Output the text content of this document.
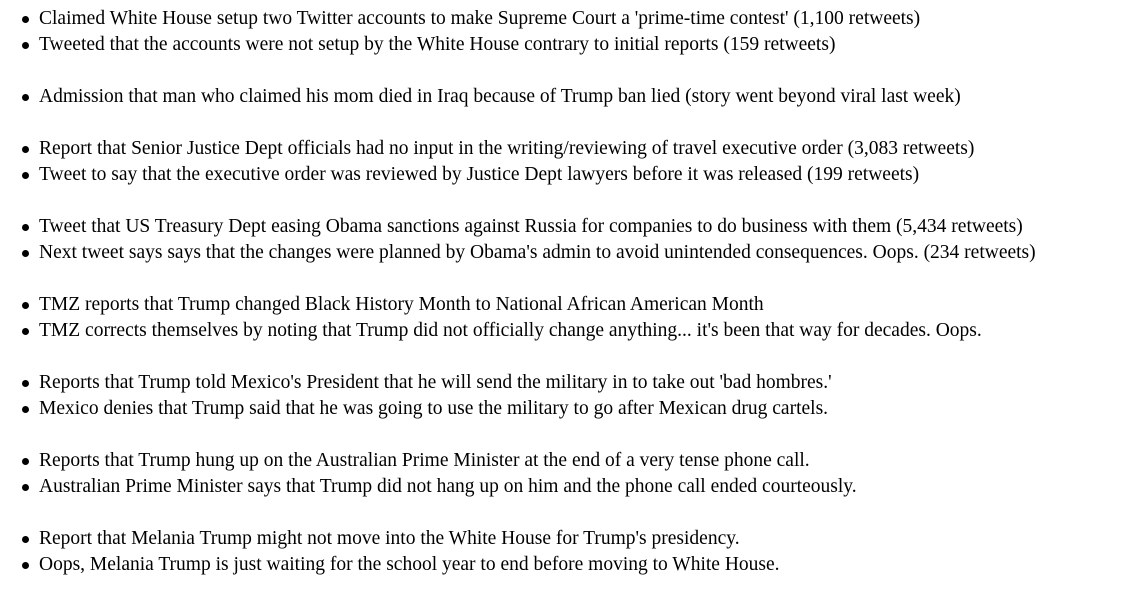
Claimed White House setup two Twitter accounts to make Supreme Court a 'prime-time contest' (1,100 retweets)
Tweeted that the accounts were not setup by the White House contrary to initial reports (159 retweets)
Admission that man who claimed his mom died in Iraq because of Trump ban lied (story went beyond viral last week)
Report that Senior Justice Dept officials had no input in the writing/reviewing of travel executive order (3,083 retweets)
Tweet to say that the executive order was reviewed by Justice Dept lawyers before it was released (199 retweets)
Tweet that US Treasury Dept easing Obama sanctions against Russia for companies to do business with them (5,434 retweets)
Next tweet says says that the changes were planned by Obama's admin to avoid unintended consequences. Oops. (234 retweets)
TMZ reports that Trump changed Black History Month to National African American Month
TMZ corrects themselves by noting that Trump did not officially change anything... it's been that way for decades. Oops.
Reports that Trump told Mexico's President that he will send the military in to take out 'bad hombres.'
Mexico denies that Trump said that he was going to use the military to go after Mexican drug cartels.
Reports that Trump hung up on the Australian Prime Minister at the end of a very tense phone call.
Australian Prime Minister says that Trump did not hang up on him and the phone call ended courteously.
Report that Melania Trump might not move into the White House for Trump's presidency.
Oops, Melania Trump is just waiting for the school year to end before moving to White House.
